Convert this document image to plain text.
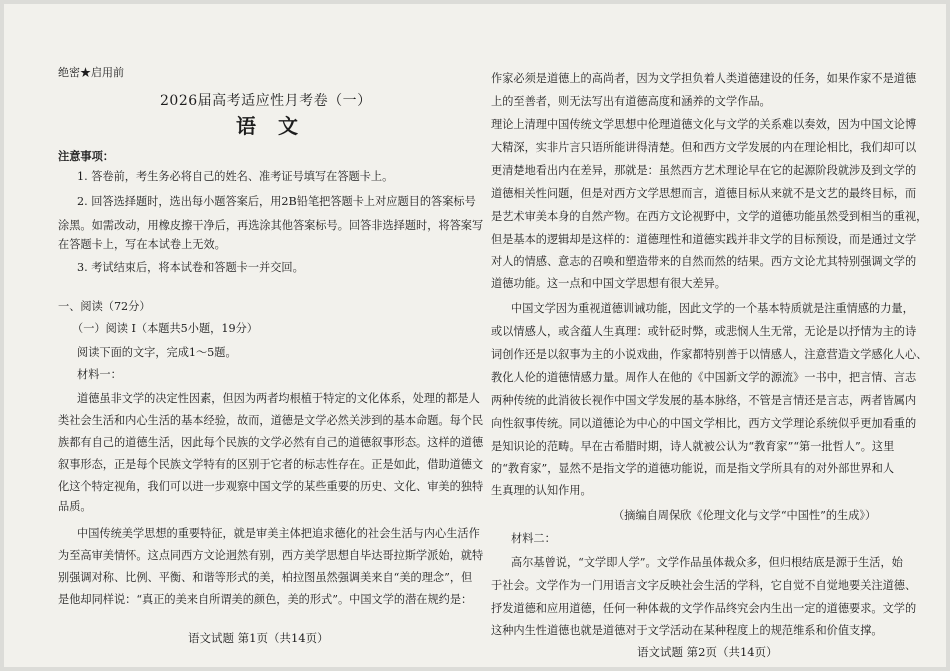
绝密★启用前
2026届高考适应性月考卷（一）
语文
注意事项：
1. 答卷前，考生务必将自己的姓名、准考证号填写在答题卡上。
2. 回答选择题时，选出每小题答案后，用2B铅笔把答题卡上对应题目的答案标号
涂黑。如需改动，用橡皮擦干净后，再选涂其他答案标号。回答非选择题时，将答案写
在答题卡上，写在本试卷上无效。
3. 考试结束后，将本试卷和答题卡一并交回。
一、阅读（72分）
（一）阅读 I（本题共5小题，19分）
阅读下面的文字，完成1～5题。
材料一：
道德虽非文学的决定性因素，但因为两者均根植于特定的文化体系，处理的都是人
类社会生活和内心生活的基本经验，故而，道德是文学必然关涉到的基本命题。每个民
族都有自己的道德生活，因此每个民族的文学必然有自己的道德叙事形态。这样的道德
叙事形态，正是每个民族文学特有的区别于它者的标志性存在。正是如此，借助道德文
化这个特定视角，我们可以进一步观察中国文学的某些重要的历史、文化、审美的独特
品质。
中国传统美学思想的重要特征，就是审美主体把追求德化的社会生活与内心生活作
为至高审美情怀。这点同西方文论迥然有别，西方美学思想自毕达哥拉斯学派始，就特
别强调对称、比例、平衡、和谐等形式的美，柏拉图虽然强调美来自“美的理念”，但
是他却同样说：“真正的美来自所谓美的颜色，美的形式”。中国文学的潜在规约是：
语文试题 第1页（共14页）
作家必须是道德上的高尚者，因为文学担负着人类道德建设的任务，如果作家不是道德
上的至善者，则无法写出有道德高度和涵养的文学作品。
理论上清理中国传统文学思想中伦理道德文化与文学的关系难以奏效，因为中国文论博
大精深，实非片言只语所能讲得清楚。但和西方文学发展的内在理论相比，我们却可以
更清楚地看出内在差异，那就是：虽然西方艺术理论早在它的起源阶段就涉及到文学的
道德相关性问题，但是对西方文学思想而言，道德目标从来就不是文艺的最终目标，而
是艺术审美本身的自然产物。在西方文论视野中，文学的道德功能虽然受到相当的重视，
但是基本的逻辑却是这样的：道德理性和道德实践并非文学的目标预设，而是通过文学
对人的情感、意志的召唤和塑造带来的自然而然的结果。西方文论尤其特别强调文学的
道德功能。这一点和中国文学思想有很大差异。
中国文学因为重视道德训诫功能，因此文学的一个基本特质就是注重情感的力量，
或以情感人，或含蕴人生真理：或针砭时弊，或悲悯人生无常，无论是以抒情为主的诗
词创作还是以叙事为主的小说戏曲，作家都特别善于以情感人，注意营造文学感化人心、
教化人伦的道德情感力量。周作人在他的《中国新文学的源流》一书中，把言情、言志
两种传统的此消彼长视作中国文学发展的基本脉络，不管是言情还是言志，两者皆属内
向性叙事传统。同以道德论为中心的中国文学相比，西方文学理论系统似乎更加看重的
是知识论的范畴。早在古希腊时期，诗人就被公认为“教育家”“第一批哲人”。这里
的“教育家”，显然不是指文学的道德功能说，而是指文学所具有的对外部世界和人
生真理的认知作用。
（摘编自周保欣《伦理文化与文学“中国性”的生成》）
材料二：
高尔基曾说，“文学即人学”。文学作品虽体裁众多，但归根结底是源于生活，始
于社会。文学作为一门用语言文字反映社会生活的学科，它自觉不自觉地要关注道德、
抒发道德和应用道德，任何一种体裁的文学作品终究会内生出一定的道德要求。文学的
这种内生性道德也就是道德对于文学活动在某种程度上的规范维系和价值支撑。
语文试题 第2页（共14页）
